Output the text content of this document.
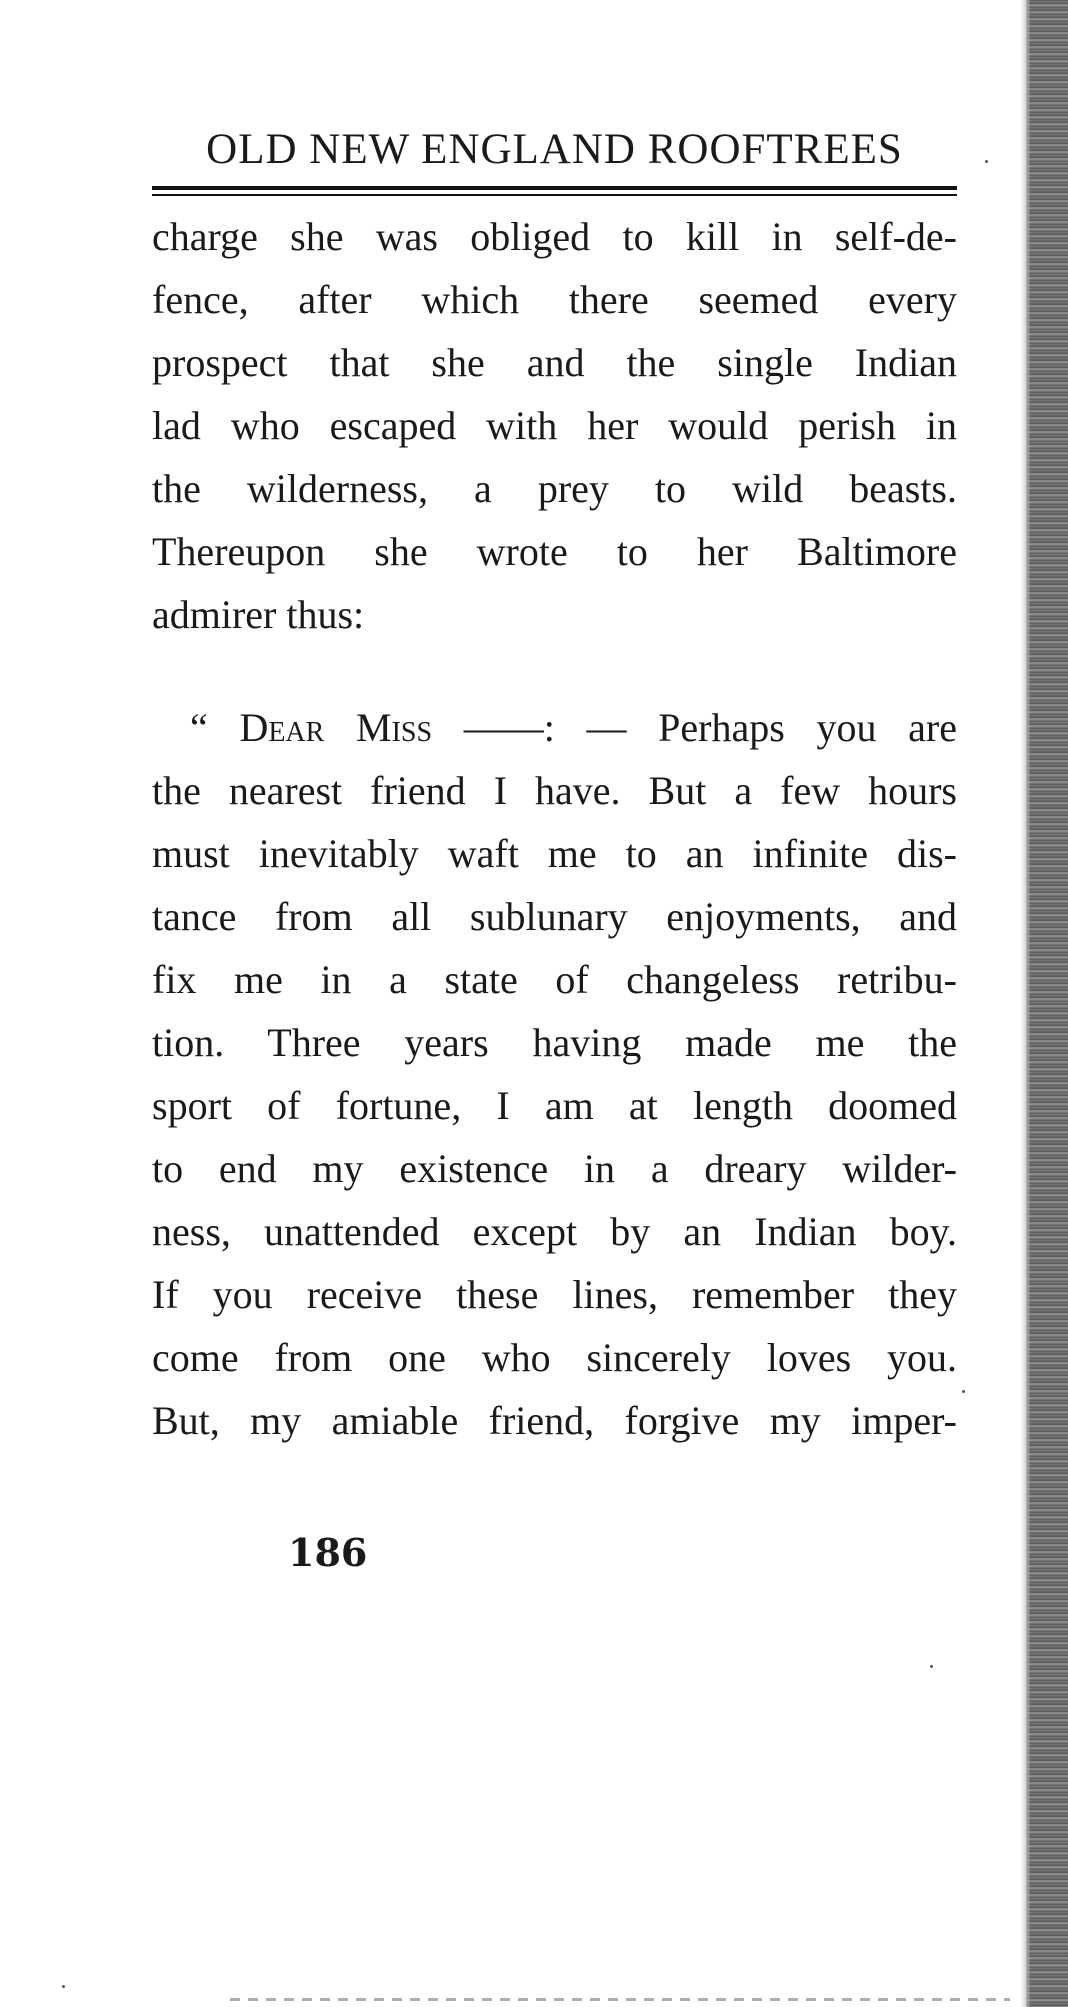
OLD NEW ENGLAND ROOFTREES
charge she was obliged to kill in self-de-
fence, after which there seemed every
prospect that she and the single Indian
lad who escaped with her would perish in
the wilderness, a prey to wild beasts.
Thereupon she wrote to her Baltimore
admirer thus:
“ Dear Miss ——: — Perhaps you are
the nearest friend I have. But a few hours
must inevitably waft me to an infinite dis-
tance from all sublunary enjoyments, and
fix me in a state of changeless retribu-
tion. Three years having made me the
sport of fortune, I am at length doomed
to end my existence in a dreary wilder-
ness, unattended except by an Indian boy.
If you receive these lines, remember they
come from one who sincerely loves you.
But, my amiable friend, forgive my imper-

186
